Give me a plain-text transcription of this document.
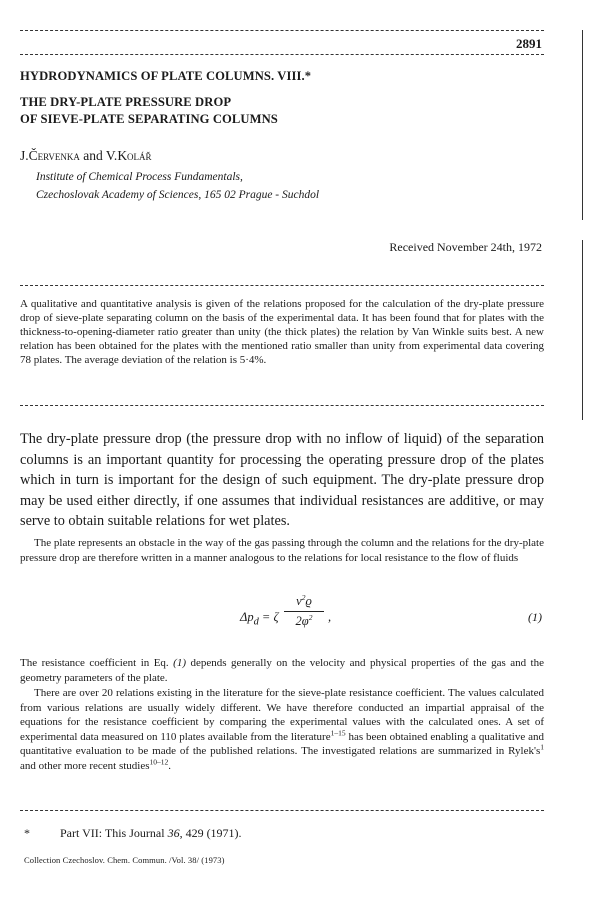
2891
HYDRODYNAMICS OF PLATE COLUMNS. VIII.*
THE DRY-PLATE PRESSURE DROP
OF SIEVE-PLATE SEPARATING COLUMNS
J.Červenka and V.Kolář
Institute of Chemical Process Fundamentals,
Czechoslovak Academy of Sciences, 165 02 Prague - Suchdol
Received November 24th, 1972
A qualitative and quantitative analysis is given of the relations proposed for the calculation of the dry-plate pressure drop of sieve-plate separating column on the basis of the experimental data. It has been found that for plates with the thickness-to-opening-diameter ratio greater than unity (the thick plates) the relation by Van Winkle suits best. A new relation has been obtained for the plates with the mentioned ratio smaller than unity from experimental data covering 78 plates. The average deviation of the relation is 5·4%.
The dry-plate pressure drop (the pressure drop with no inflow of liquid) of the separation columns is an important quantity for processing the operating pressure drop of the plates which in turn is important for the design of such equipment. The dry-plate pressure drop may be used either directly, if one assumes that individual resistances are additive, or may serve to obtain suitable relations for wet plates.
The plate represents an obstacle in the way of the gas passing through the column and the relations for the dry-plate pressure drop are therefore written in a manner analogous to the relations for local resistance to the flow of fluids
$\Delta p_d = \zeta \frac{v^2ϱ}{2\varphi^2}$ ,	(1)
The resistance coefficient in Eq. (1) depends generally on the velocity and physical properties of the gas and the geometry parameters of the plate.
There are over 20 relations existing in the literature for the sieve-plate resistance coefficient. The values calculated from various relations are usually widely different. We have therefore conducted an impartial appraisal of the equations for the resistance coefficient by comparing the experimental values with the calculated ones. A set of experimental data measured on 110 plates available from the literature$^{1-15}$ has been obtained enabling a qualitative and quantitative evaluation to be made of the published relations. The investigated relations are summarized in $Rylek's^1$ and other more recent studies$^{10-12}$.
*	Part VII: This Journal 36, 429 (1971).
Collection Czechoslov. Chem. Commun. /Vol. 38/ (1973)
